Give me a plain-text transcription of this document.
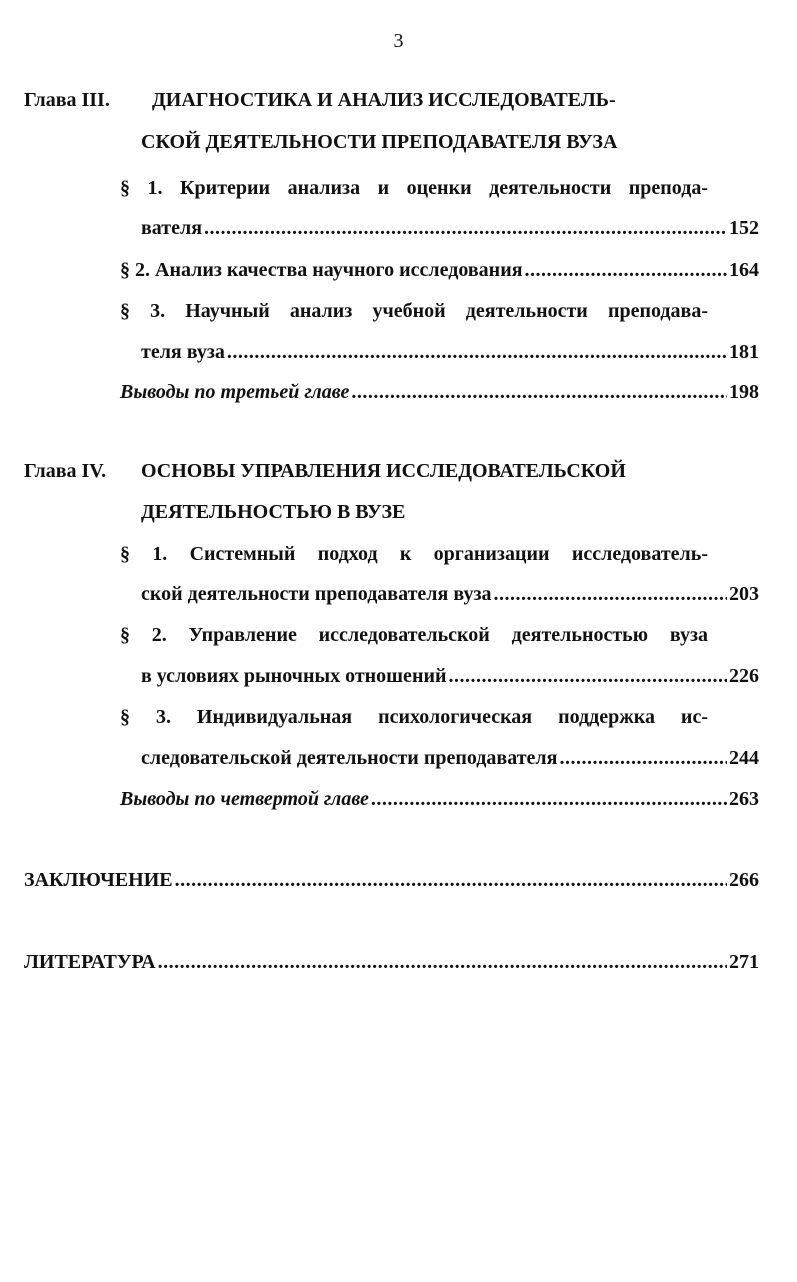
3
Глава III. ДИАГНОСТИКА И АНАЛИЗ ИССЛЕДОВАТЕЛЬ-
СКОЙ ДЕЯТЕЛЬНОСТИ ПРЕПОДАВАТЕЛЯ ВУЗА
§ 1. Критерии анализа и оценки деятельности препода-
вателя .....	152
§ 2. Анализ качества научного исследования .....	164
§ 3. Научный анализ учебной деятельности преподава-
теля вуза .....	181
Выводы по третьей главе .....	198
Глава IV. ОСНОВЫ УПРАВЛЕНИЯ ИССЛЕДОВАТЕЛЬСКОЙ
ДЕЯТЕЛЬНОСТЬЮ В ВУЗЕ
§ 1. Системный подход к организации исследователь-
ской деятельности преподавателя вуза .....	203
§ 2. Управление исследовательской деятельностью вуза
в условиях рыночных отношений .....	226
§ 3. Индивидуальная психологическая поддержка ис-
следовательской деятельности преподавателя .....	244
Выводы по четвертой главе .....	263
ЗАКЛЮЧЕНИЕ .....	266
ЛИТЕРАТУРА .....	271
